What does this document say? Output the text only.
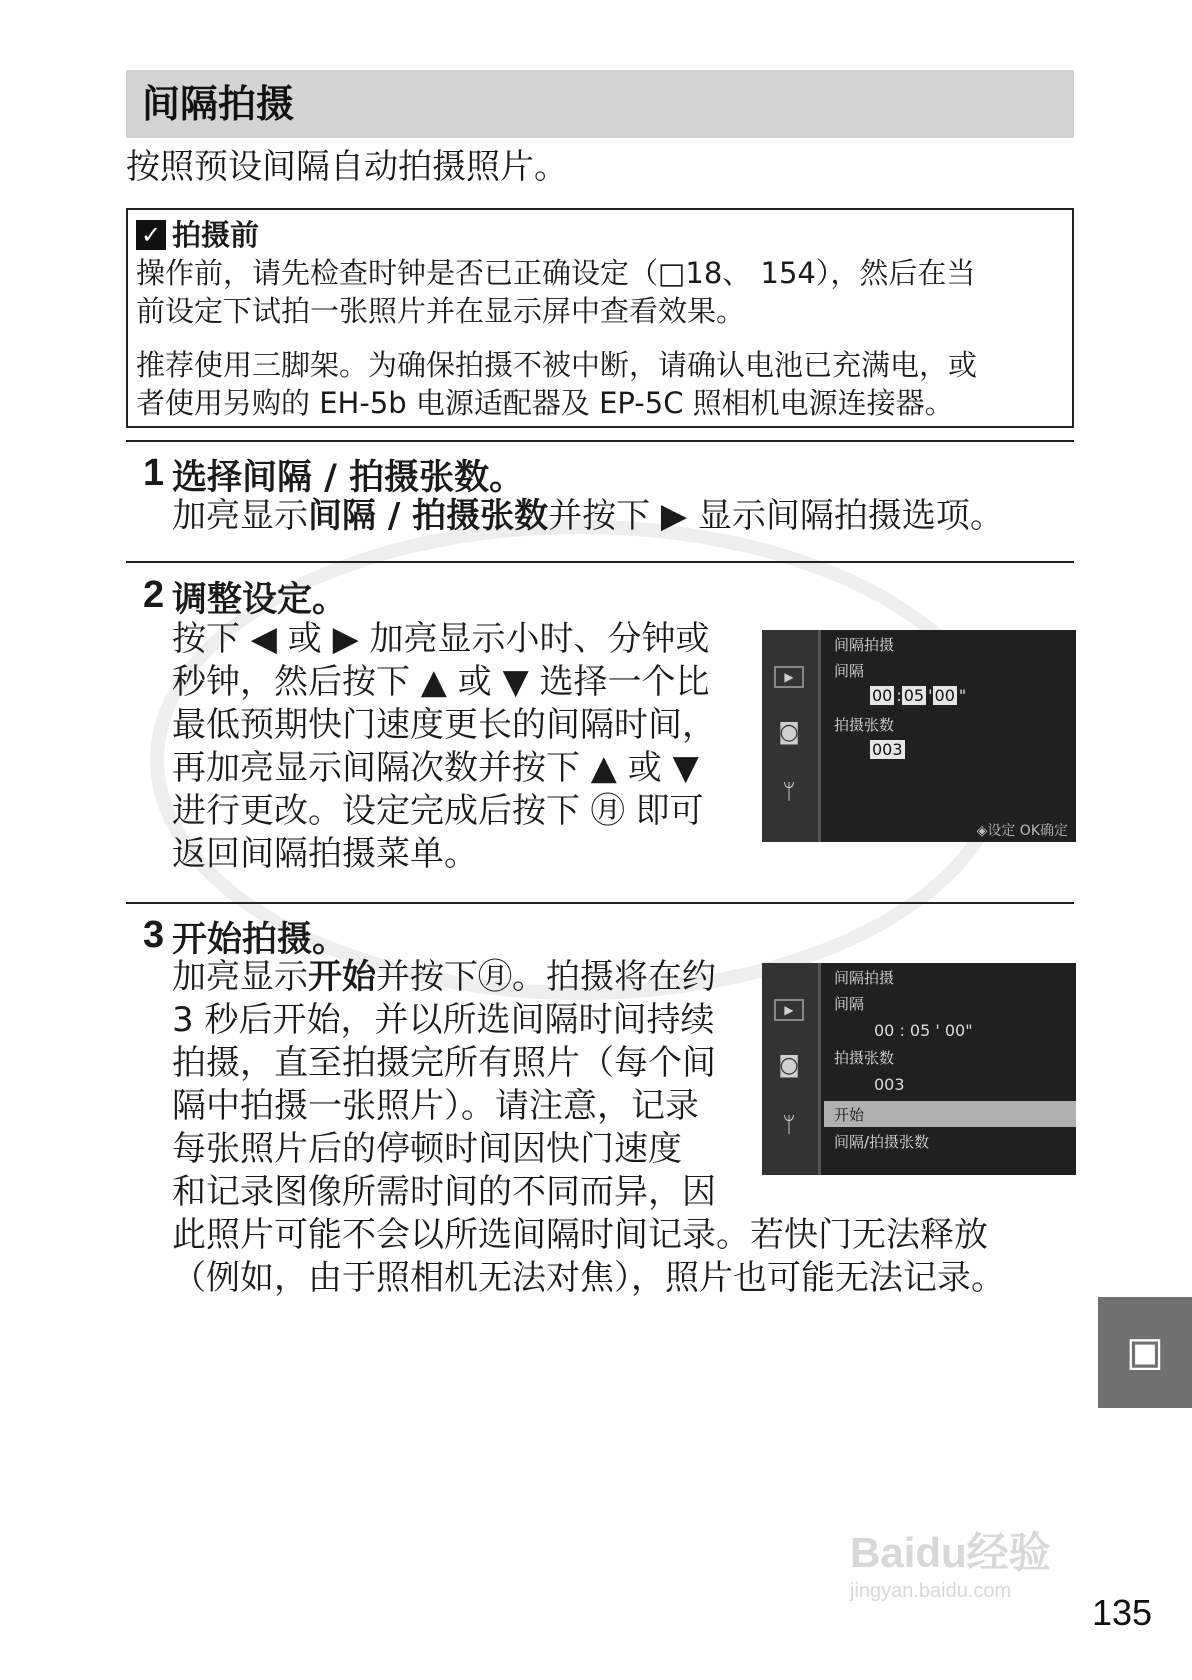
间隔拍摄
按照预设间隔自动拍摄照片。
✓ 拍摄前

操作前，请先检查时钟是否已正确设定（□18、 154），然后在当
前设定下试拍一张照片并在显示屏中查看效果。

推荐使用三脚架。为确保拍摄不被中断，请确认电池已充满电，或
者使用另购的 EH-5b 电源适配器及 EP-5C 照相机电源连接器。

1 选择间隔 / 拍摄张数。
加亮显示间隔 / 拍摄张数并按下 ▶ 显示间隔拍摄选项。
2 调整设定。
按下 ◀ 或 ▶ 加亮显示小时、分钟或
秒钟，然后按下 ▲ 或 ▼ 选择一个比
最低预期快门速度更长的间隔时间，
再加亮显示间隔次数并按下 ▲ 或 ▼
进行更改。设定完成后按下 ㊊ 即可
返回间隔拍摄菜单。
▶
◙
ᛘ
间隔拍摄
间隔
00 : 05 ' 00 "
拍摄张数
003
◈设定 OK确定
3 开始拍摄。
加亮显示开始并按下㊊。拍摄将在约
3 秒后开始，并以所选间隔时间持续
拍摄，直至拍摄完所有照片（每个间
隔中拍摄一张照片）。请注意，记录
每张照片后的停顿时间因快门速度
和记录图像所需时间的不同而异，因
此照片可能不会以所选间隔时间记录。若快门无法释放
（例如，由于照相机无法对焦），照片也可能无法记录。
▶
◙
ᛘ
间隔拍摄
间隔
00 : 05 ' 00"
拍摄张数
003
开始
间隔/拍摄张数
▣
Baidu经验
jingyan.baidu.com
135
